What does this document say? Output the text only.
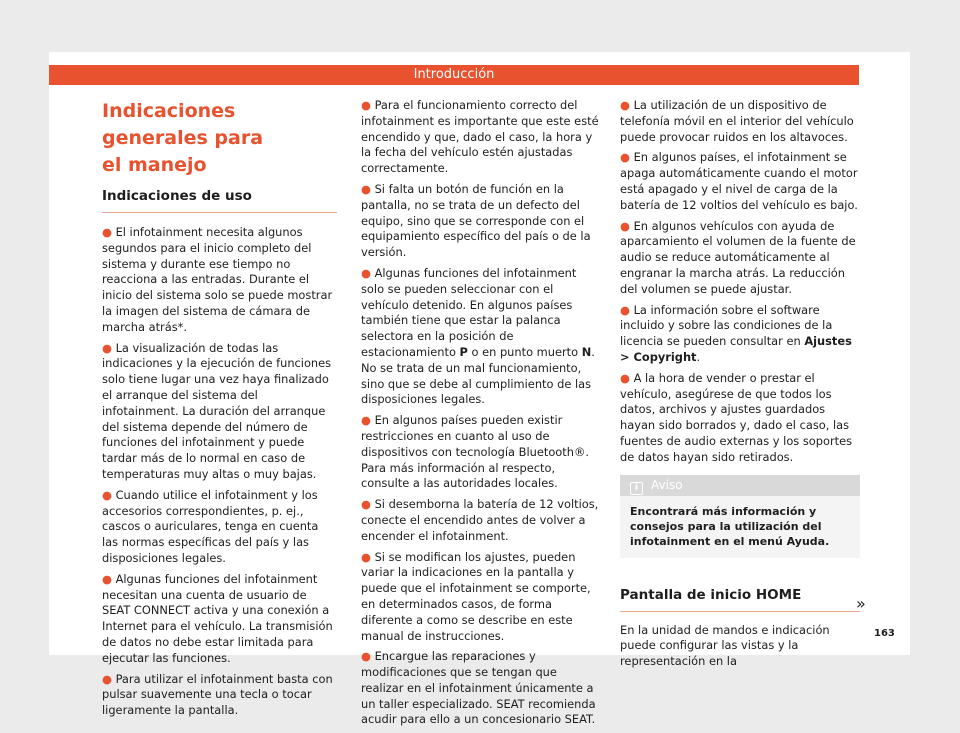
Introducción
Indicaciones generales para
el manejo
Indicaciones de uso

● El infotainment necesita algunos segundos para el inicio completo del sistema y durante ese tiempo no reacciona a las entradas. Durante el inicio del sistema solo se puede mostrar la imagen del sistema de cámara de marcha atrás*.

● La visualización de todas las indicaciones y la ejecución de funciones solo tiene lugar una vez haya finalizado el arranque del sistema del infotainment. La duración del arranque del sistema depende del número de funciones del infotainment y puede tardar más de lo normal en caso de temperaturas muy altas o muy bajas.

● Cuando utilice el infotainment y los accesorios correspondientes, p. ej., cascos o auriculares, tenga en cuenta las normas específicas del país y las disposiciones legales.

● Algunas funciones del infotainment necesitan una cuenta de usuario de SEAT CONNECT activa y una conexión a Internet para el vehículo. La transmisión de datos no debe estar limitada para ejecutar las funciones.

● Para utilizar el infotainment basta con pulsar suavemente una tecla o tocar ligeramente la pantalla.

● Para el funcionamiento correcto del infotainment es importante que este esté encendido y que, dado el caso, la hora y la fecha del vehículo estén ajustadas correctamente.

● Si falta un botón de función en la pantalla, no se trata de un defecto del equipo, sino que se corresponde con el equipamiento específico del país o de la versión.

● Algunas funciones del infotainment solo se pueden seleccionar con el vehículo detenido. En algunos países también tiene que estar la palanca selectora en la posición de estacionamiento P o en punto muerto N. No se trata de un mal funcionamiento, sino que se debe al cumplimiento de las disposiciones legales.

● En algunos países pueden existir restricciones en cuanto al uso de dispositivos con tecnología Bluetooth®. Para más información al respecto, consulte a las autoridades locales.

● Si desemborna la batería de 12 voltios, conecte el encendido antes de volver a encender el infotainment.

● Si se modifican los ajustes, pueden variar la indicaciones en la pantalla y puede que el infotainment se comporte, en determinados casos, de forma diferente a como se describe en este manual de instrucciones.

● Encargue las reparaciones y modificaciones que se tengan que realizar en el infotainment únicamente a un taller especializado. SEAT recomienda acudir para ello a un concesionario SEAT.

● La utilización de un dispositivo de telefonía móvil en el interior del vehículo puede provocar ruidos en los altavoces.

● En algunos países, el infotainment se apaga automáticamente cuando el motor está apagado y el nivel de carga de la batería de 12 voltios del vehículo es bajo.

● En algunos vehículos con ayuda de aparcamiento el volumen de la fuente de audio se reduce automáticamente al engranar la marcha atrás. La reducción del volumen se puede ajustar.

● La información sobre el software incluido y sobre las condiciones de la licencia se pueden consultar en Ajustes > Copyright.

● A la hora de vender o prestar el vehículo, asegúrese de que todos los datos, archivos y ajustes guardados hayan sido borrados y, dado el caso, las fuentes de audio externas y los soportes de datos hayan sido retirados.

i Aviso
Encontrará más información y consejos para la utilización del infotainment en el menú Ayuda.
Pantalla de inicio HOME

En la unidad de mandos e indicación puede configurar las vistas y la representación en la

»
163
